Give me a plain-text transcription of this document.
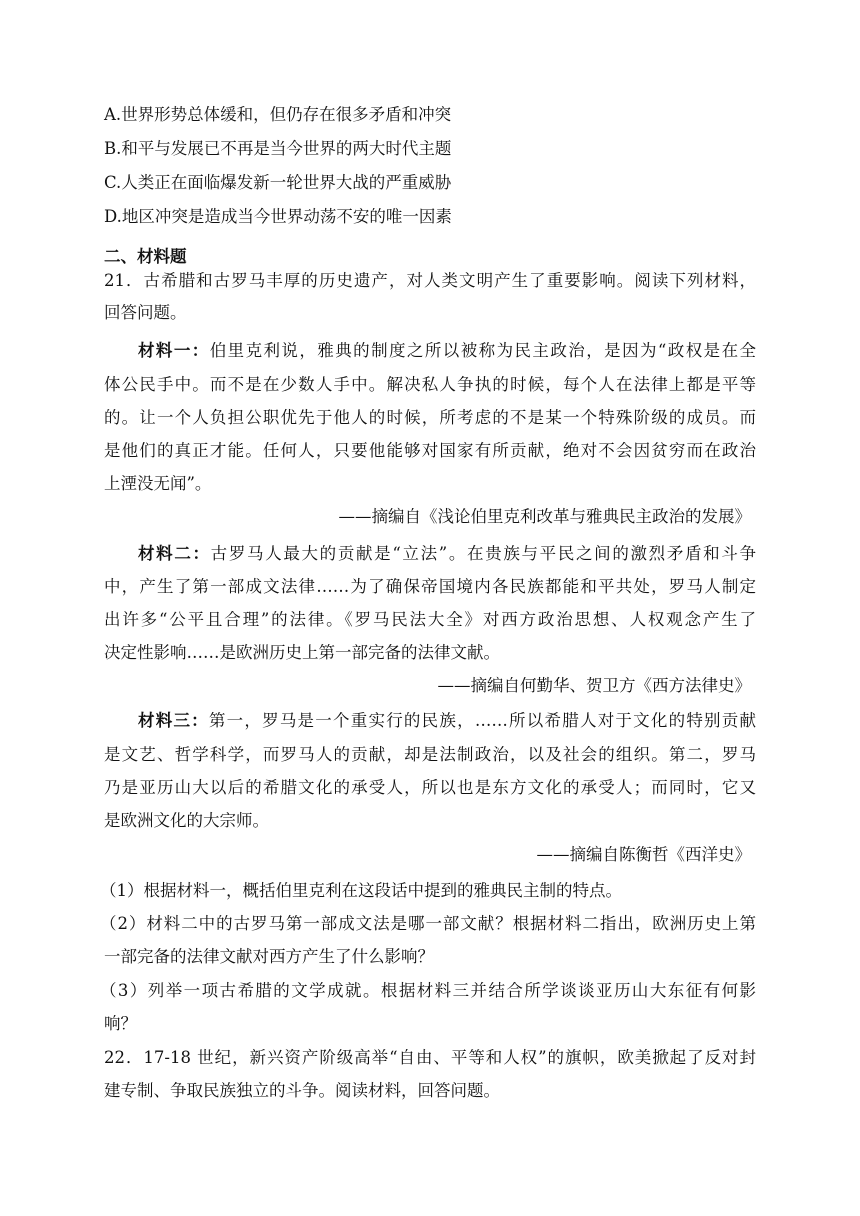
A.世界形势总体缓和，但仍存在很多矛盾和冲突
B.和平与发展已不再是当今世界的两大时代主题
C.人类正在面临爆发新一轮世界大战的严重威胁
D.地区冲突是造成当今世界动荡不安的唯一因素
二、材料题
21．古希腊和古罗马丰厚的历史遗产，对人类文明产生了重要影响。阅读下列材料，
回答问题。
材料一：伯里克利说，雅典的制度之所以被称为民主政治，是因为“政权是在全
体公民手中。而不是在少数人手中。解决私人争执的时候，每个人在法律上都是平等
的。让一个人负担公职优先于他人的时候，所考虑的不是某一个特殊阶级的成员。而
是他们的真正才能。任何人，只要他能够对国家有所贡献，绝对不会因贫穷而在政治
上湮没无闻”。
——摘编自《浅论伯里克利改革与雅典民主政治的发展》
材料二：古罗马人最大的贡献是“立法”。在贵族与平民之间的激烈矛盾和斗争
中，产生了第一部成文法律……为了确保帝国境内各民族都能和平共处，罗马人制定
出许多“公平且合理”的法律。《罗马民法大全》对西方政治思想、人权观念产生了
决定性影响……是欧洲历史上第一部完备的法律文献。
——摘编自何勤华、贺卫方《西方法律史》
材料三：第一，罗马是一个重实行的民族，……所以希腊人对于文化的特别贡献
是文艺、哲学科学，而罗马人的贡献，却是法制政治，以及社会的组织。第二，罗马
乃是亚历山大以后的希腊文化的承受人，所以也是东方文化的承受人；而同时，它又
是欧洲文化的大宗师。
——摘编自陈衡哲《西洋史》
（1）根据材料一，概括伯里克利在这段话中提到的雅典民主制的特点。
（2）材料二中的古罗马第一部成文法是哪一部文献？根据材料二指出，欧洲历史上第
一部完备的法律文献对西方产生了什么影响？
（3）列举一项古希腊的文学成就。根据材料三并结合所学谈谈亚历山大东征有何影
响？
22．17-18 世纪，新兴资产阶级高举“自由、平等和人权”的旗帜，欧美掀起了反对封
建专制、争取民族独立的斗争。阅读材料，回答问题。
